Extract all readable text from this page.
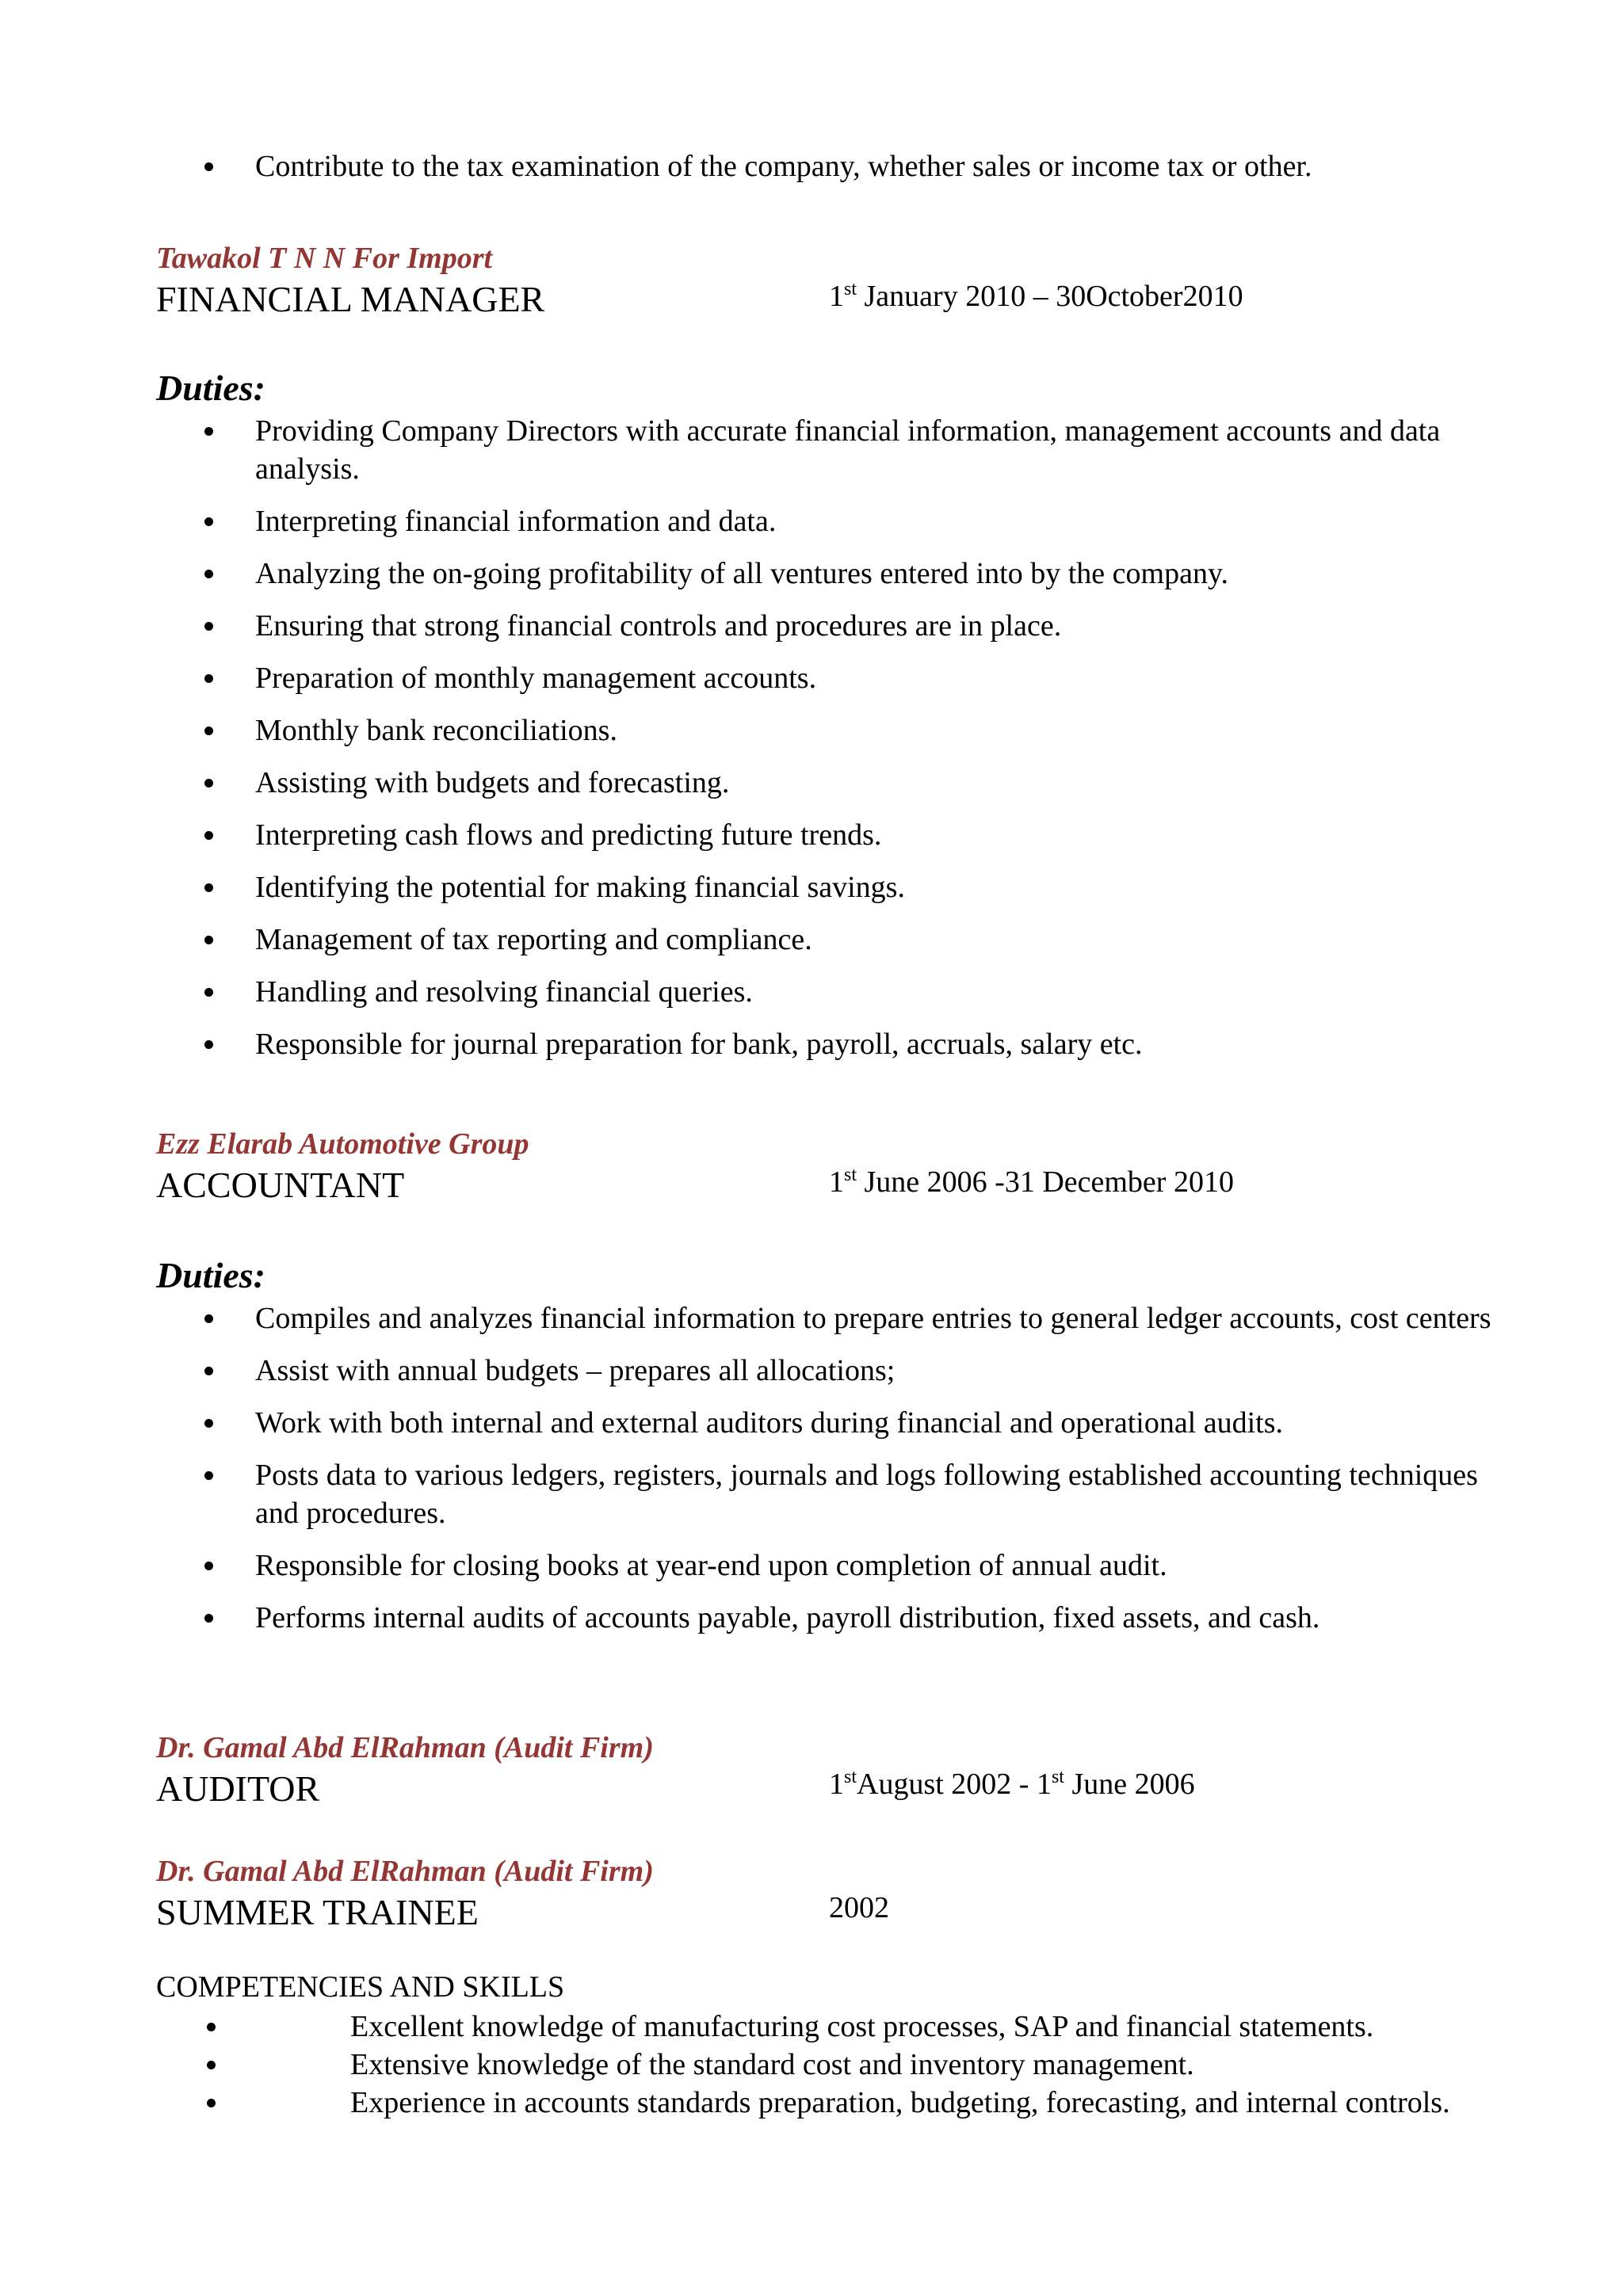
Contribute to the tax examination of the company, whether sales or income tax or other.
Tawakol T N N For Import
FINANCIAL MANAGER	1st January 2010 – 30October2010
Duties:
Providing Company Directors with accurate financial information, management accounts and data analysis.
Interpreting financial information and data.
Analyzing the on-going profitability of all ventures entered into by the company.
Ensuring that strong financial controls and procedures are in place.
Preparation of monthly management accounts.
Monthly bank reconciliations.
Assisting with budgets and forecasting.
Interpreting cash flows and predicting future trends.
Identifying the potential for making financial savings.
Management of tax reporting and compliance.
Handling and resolving financial queries.
Responsible for journal preparation for bank, payroll, accruals, salary etc.
Ezz Elarab Automotive Group
ACCOUNTANT	1st June 2006 -31 December 2010
Duties:
Compiles and analyzes financial information to prepare entries to general ledger accounts, cost centers
Assist with annual budgets – prepares all allocations;
Work with both internal and external auditors during financial and operational audits.
Posts data to various ledgers, registers, journals and logs following established accounting techniques and procedures.
Responsible for closing books at year-end upon completion of annual audit.
Performs internal audits of accounts payable, payroll distribution, fixed assets, and cash.
Dr. Gamal Abd ElRahman (Audit Firm)
AUDITOR	1stAugust 2002 - 1st June 2006
Dr. Gamal Abd ElRahman (Audit Firm)
SUMMER TRAINEE	2002
COMPETENCIES AND SKILLS
Excellent knowledge of manufacturing cost processes, SAP and financial statements.
Extensive knowledge of the standard cost and inventory management.
Experience in accounts standards preparation, budgeting, forecasting, and internal controls.
